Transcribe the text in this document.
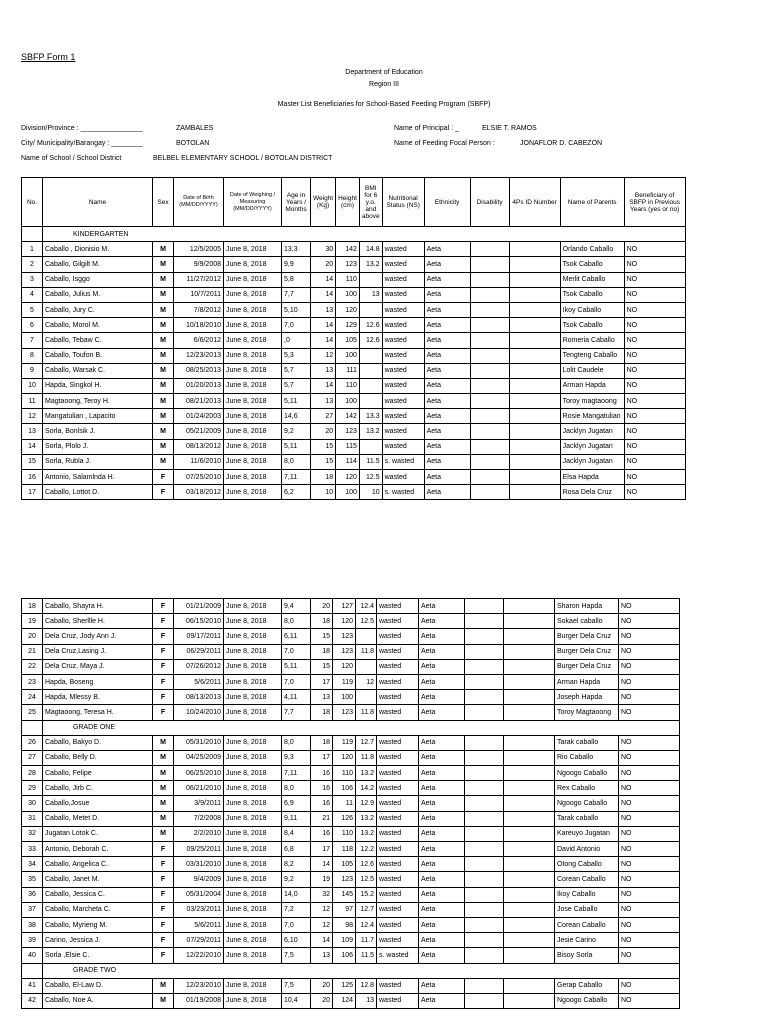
SBFP Form 1
Department of Education
Region III
Master List Beneficiaries for School-Based Feeding Program (SBFP)
Division/Province : ________________	ZAMBALES
City/ Municipality/Barangay : ________	BOTOLAN
Name of School / School District	BELBEL ELEMENTARY SCHOOL / BOTOLAN DISTRICT
Name of Principal : _	ELSIE T. RAMOS
Name of Feeding Focal Person :	JONAFLOR D. CABEZON
No.	Name	Sex	Date of Birth (MM/DD/YYYY)	Date of Weighing / Measuring (MM/DD/YYYY)	Age in Years / Months	Weight (Kg)	Height (cm)	BMI for 6 y.o. and above	Nutritional Status (NS)	Ethnicity	Disability	4Ps ID Number	Name of Parents	Beneficiary of SBFP in Previous Years (yes or no)
	KINDERGARTEN													
1	Caballo , Dionisio M.	M	12/5/2005	June 8, 2018	13,3	30	142	14.8	wasted	Aeta			Orlando Caballo	NO
2	Caballo, Gilgilt M.	M	9/9/2008	June 8, 2018	9,9	20	123	13.2	wasted	Aeta			Tsok Caballo	NO
3	Caballo, Isggo	M	11/27/2012	June 8, 2018	5,8	14	110		wasted	Aeta			Merlit Caballo	NO
4	Caballo, Julius M.	M	10/7/2011	June 8, 2018	7,7	14	100	13	wasted	Aeta			Tsok Caballo	NO
5	Caballo, Jury C.	M	7/8/2012	June 8, 2018	5,10	13	120		wasted	Aeta			Ikoy Caballo	NO
6	Caballo, Morol M.	M	10/18/2010	June 8, 2018	7,0	14	129	12.6	wasted	Aeta			Tsok Caballo	NO
7	Caballo, Tebaw C.	M	6/6/2012	June 8, 2018	,0	14	105	12.6	wasted	Aeta			Romeria Caballo	NO
8	Caballo, Toufon B.	M	12/23/2013	June 8, 2018	5,3	12	100		wasted	Aeta			Tengteng Caballo	NO
9	Caballo, Warsak C.	M	08/25/2013	June 8, 2018	5,7	13	111		wasted	Aeta			Lolit Caudele	NO
10	Hapda, Singkol H.	M	01/20/2013	June 8, 2018	5,7	14	110		wasted	Aeta			Arman Hapda	NO
11	Magtaoong, Teroy H.	M	08/21/2013	June 8, 2018	5,11	13	100		wasted	Aeta			Toroy magtaoong	NO
12	Mangatulian , Lapacito	M	01/24/2003	June 8, 2018	14,6	27	142	13.3	wasted	Aeta			Rosie Mangatulian	NO
13	Sorla, Bonlsik J.	M	05/21/2009	June 8, 2018	9,2	20	123	13.2	wasted	Aeta			Jacklyn Jugatan	NO
14	Sorla, Plolo J.	M	08/13/2012	June 8, 2018	5,11	15	115		wasted	Aeta			Jacklyn Jugatan	NO
15	Sorla, Rubla J.	M	11/6/2010	June 8, 2018	8,0	15	114	11.5	s. wasted	Aeta			Jacklyn Jugatan	NO
16	Antonio, Salamlnda H.	F	07/25/2010	June 8, 2018	7,11	18	120	12.5	wasted	Aeta			Elsa Hapda	NO
17	Caballo, Lottot D.	F	03/18/2012	June 8, 2018	6,2	10	100	10	s. wasted	Aeta			Rosa Dela Cruz	NO
18	Caballo, Shayra H.	F	01/21/2009	June 8, 2018	9,4	20	127	12.4	wasted	Aeta			Sharon Hapda	NO
19	Caballo, Sherllle H.	F	06/15/2010	June 8, 2018	8,0	18	120	12.5	wasted	Aeta			Sokael caballo	NO
20	Dela Cruz, Jody Ann J.	F	09/17/2011	June 8, 2018	6,11	15	123		wasted	Aeta			Burger Dela Cruz	NO
21	Dela Cruz,Lasing J.	F	06/29/2011	June 8, 2018	7,0	18	123	11.8	wasted	Aeta			Burger Dela Cruz	NO
22	Dela Cruz, Maya J.	F	07/26/2012	June 8, 2018	5,11	15	120		wasted	Aeta			Burger Dela Cruz	NO
23	Hapda, Boseng	F	5/6/2011	June 8, 2018	7,0	17	119	12	wasted	Aeta			Arman Hapda	NO
24	Hapda, Mlessy B.	F	08/13/2013	June 8, 2018	4,11	13	100		wasted	Aeta			Joseph Hapda	NO
25	Magtaoong, Teresa H.	F	10/24/2010	June 8, 2018	7,7	18	123	11.8	wasted	Aeta			Toroy Magtaoong	NO
	GRADE ONE													
26	Caballo, Bakyo D.	M	05/31/2010	June 8, 2018	8,0	18	119	12.7	wasted	Aeta			Tarak caballo	NO
27	Caballo, Belly D.	M	04/25/2009	June 8, 2018	9,3	17	120	11.8	wasted	Aeta			Rio Caballo	NO
28	Caballo, Felipe	M	06/25/2010	June 8, 2018	7,11	16	110	13.2	wasted	Aeta			Ngoogo Caballo	NO
29	Caballo, Jirb C.	M	06/21/2010	June 8, 2018	8,0	16	106	14.2	wasted	Aeta			Rex Caballo	NO
30	Caballo,Josue	M	3/9/2011	June 8, 2018	6,9	16	11	12.9	wasted	Aeta			Ngoogo Caballo	NO
31	Caballo, Metet D.	M	7/2/2008	June 8, 2018	9,11	21	126	13.2	wasted	Aeta			Tarak caballo	NO
32	Jugatan Lotok C.	M	2/2/2010	June 8, 2018	8,4	16	110	13.2	wasted	Aeta			Kareuyo Jugatan	NO
33	Antonio, Deborah C.	F	09/25/2011	June 8, 2018	6,8	17	118	12.2	wasted	Aeta			David Antonio	NO
34	Caballo, Angelica C.	F	03/31/2010	June 8, 2018	8,2	14	105	12.6	wasted	Aeta			Otong Caballo	NO
35	Caballo, Janet M.	F	9/4/2009	June 8, 2018	9,2	19	123	12.5	wasted	Aeta			Corean Caballo	NO
36	Caballo, Jessica C.	F	05/31/2004	June 8, 2018	14,0	32	145	15.2	wasted	Aeta			Ikoy Caballo	NO
37	Caballo, Marcheta C.	F	03/23/2011	June 8, 2018	7,2	12	97	12.7	wasted	Aeta			Jose Caballo	NO
38	Caballo, Myrieng M.	F	5/6/2011	June 8, 2018	7,0	12	98	12.4	wasted	Aeta			Corean Caballo	NO
39	Carino, Jessica J.	F	07/29/2011	June 8, 2018	6,10	14	109	11.7	wasted	Aeta			Jesie Carino	NO
40	Sorla ,Elsie C.	F	12/22/2010	June 8, 2018	7,5	13	106	11.5	s. wasted	Aeta			Bisoy Sorla	NO
	GRADE TWO													
41	Caballo, El-Law D.	M	12/23/2010	June 8, 2018	7,5	20	125	12.8	wasted	Aeta			Gerap Caballo	NO
42	Caballo, Noe A.	M	01/19/2008	June 8, 2018	10,4	20	124	13	wasted	Aeta			Ngoogo Caballo	NO
